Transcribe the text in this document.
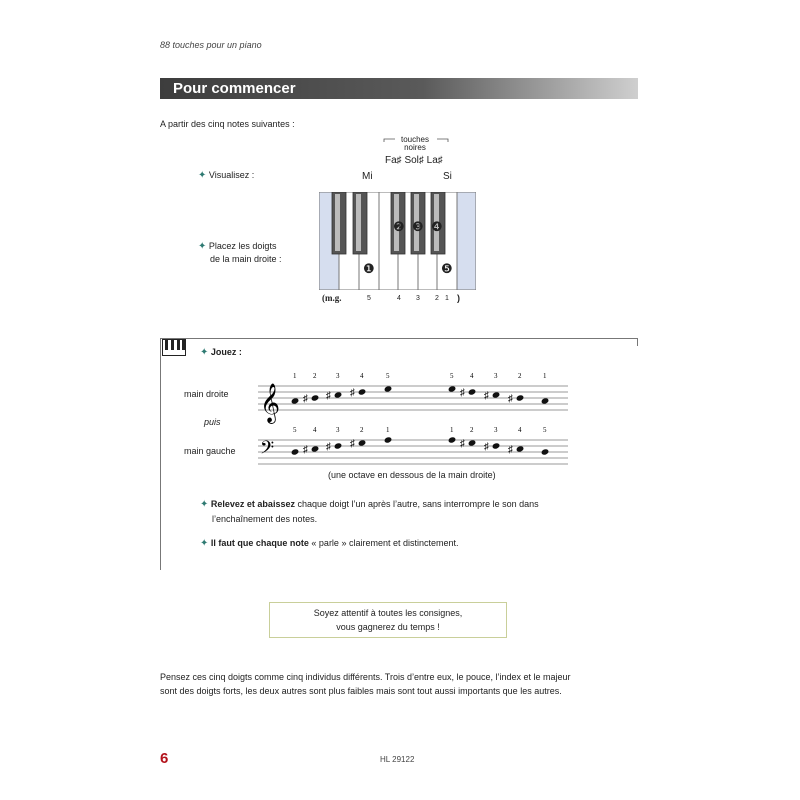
88 touches pour un piano
Pour commencer
A partir des cinq notes suivantes :
touches
noires
Fa♯ Sol♯ La♯
✦ Visualisez :	Mi	Si
✦ Placez les doigts
de la main droite :
❶	❺
❷ ❸ ❹
(m.g.	5	4 3 2 1 )
✦ Jouez :
main droite
puis
main gauche
𝄞
1
♯
2
♯
3
♯
4	5	5
♯
4
♯
3
♯
2	1
𝄢
5
♯
4
♯
3
♯
2	1	1
♯
2
♯
3
♯
4	5
(une octave en dessous de la main droite)
✦ Relevez et abaissez chaque doigt l’un après l’autre, sans interrompre le son dans
l’enchaînement des notes.
✦ Il faut que chaque note « parle » clairement et distinctement.
Soyez attentif à toutes les consignes,
vous gagnerez du temps !
Pensez ces cinq doigts comme cinq individus différents. Trois d’entre eux, le pouce, l’index et le majeur
sont des doigts forts, les deux autres sont plus faibles mais sont tout aussi importants que les autres.
6	HL 29122
